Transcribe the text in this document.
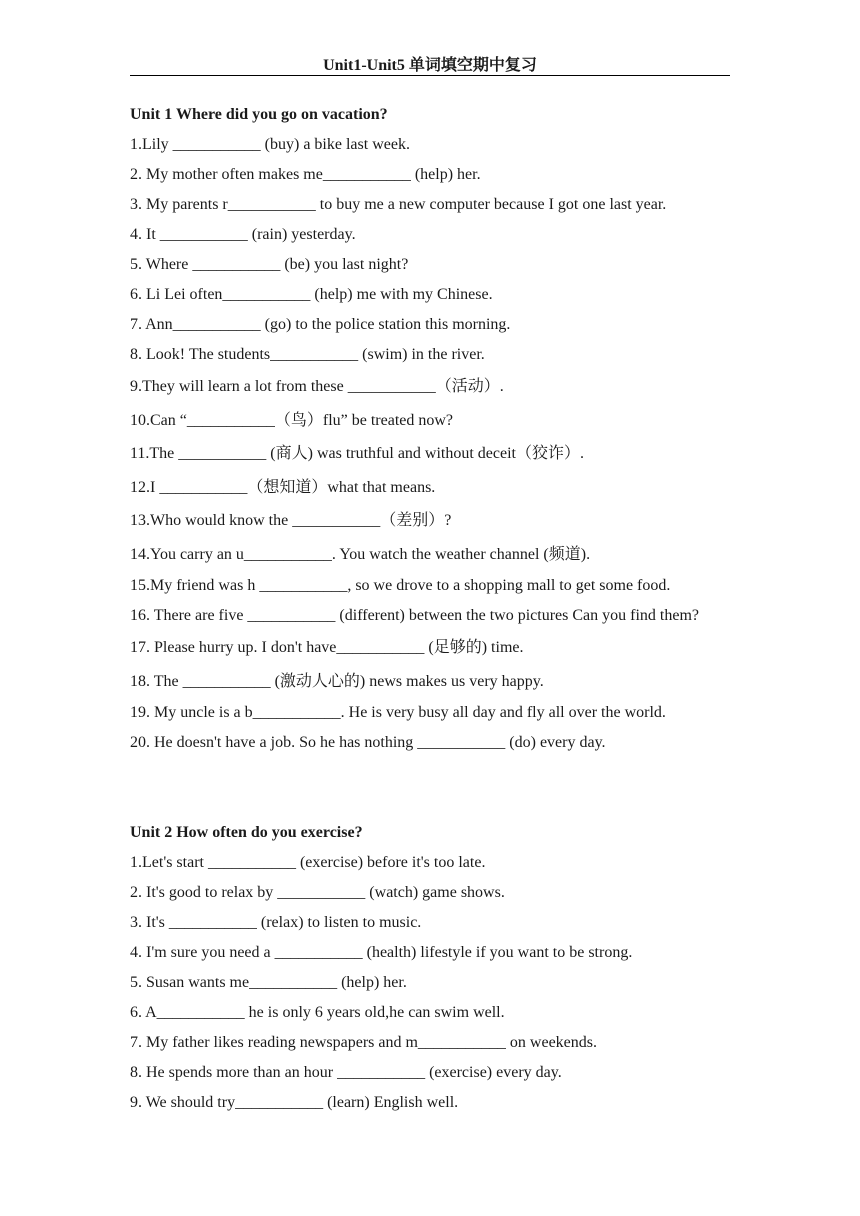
Unit1-Unit5 单词填空期中复习
Unit 1 Where did you go on vacation?
1.Lily ___________ (buy) a bike last week.
2. My mother often makes me___________ (help) her.
3. My parents r___________ to buy me a new computer because I got one last year.
4. It ___________ (rain) yesterday.
5. Where ___________ (be) you last night?
6. Li Lei often___________ (help) me with my Chinese.
7. Ann___________ (go) to the police station this morning.
8. Look! The students___________ (swim) in the river.
9.They will learn a lot from these ___________（活动）.
10.Can “___________（鸟）flu” be treated now?
11.The ___________ (商人) was truthful and without deceit（狡诈）.
12.I ___________（想知道）what that means.
13.Who would know the ___________（差别）?
14.You carry an u___________. You watch the weather channel (频道).
15.My friend was h ___________, so we drove to a shopping mall to get some food.
16. There are five ___________ (different) between the two pictures Can you find them?
17. Please hurry up. I don't have___________ (足够的) time.
18. The ___________ (激动人心的) news makes us very happy.
19. My uncle is a b___________. He is very busy all day and fly all over the world.
20. He doesn't have a job. So he has nothing ___________ (do) every day.
Unit 2 How often do you exercise?
1.Let's start ___________ (exercise) before it's too late.
2. It's good to relax by ___________ (watch) game shows.
3. It's ___________ (relax) to listen to music.
4. I'm sure you need a ___________ (health) lifestyle if you want to be strong.
5. Susan wants me___________ (help) her.
6. A___________ he is only 6 years old,he can swim well.
7. My father likes reading newspapers and m___________ on weekends.
8. He spends more than an hour ___________ (exercise) every day.
9. We should try___________ (learn) English well.
